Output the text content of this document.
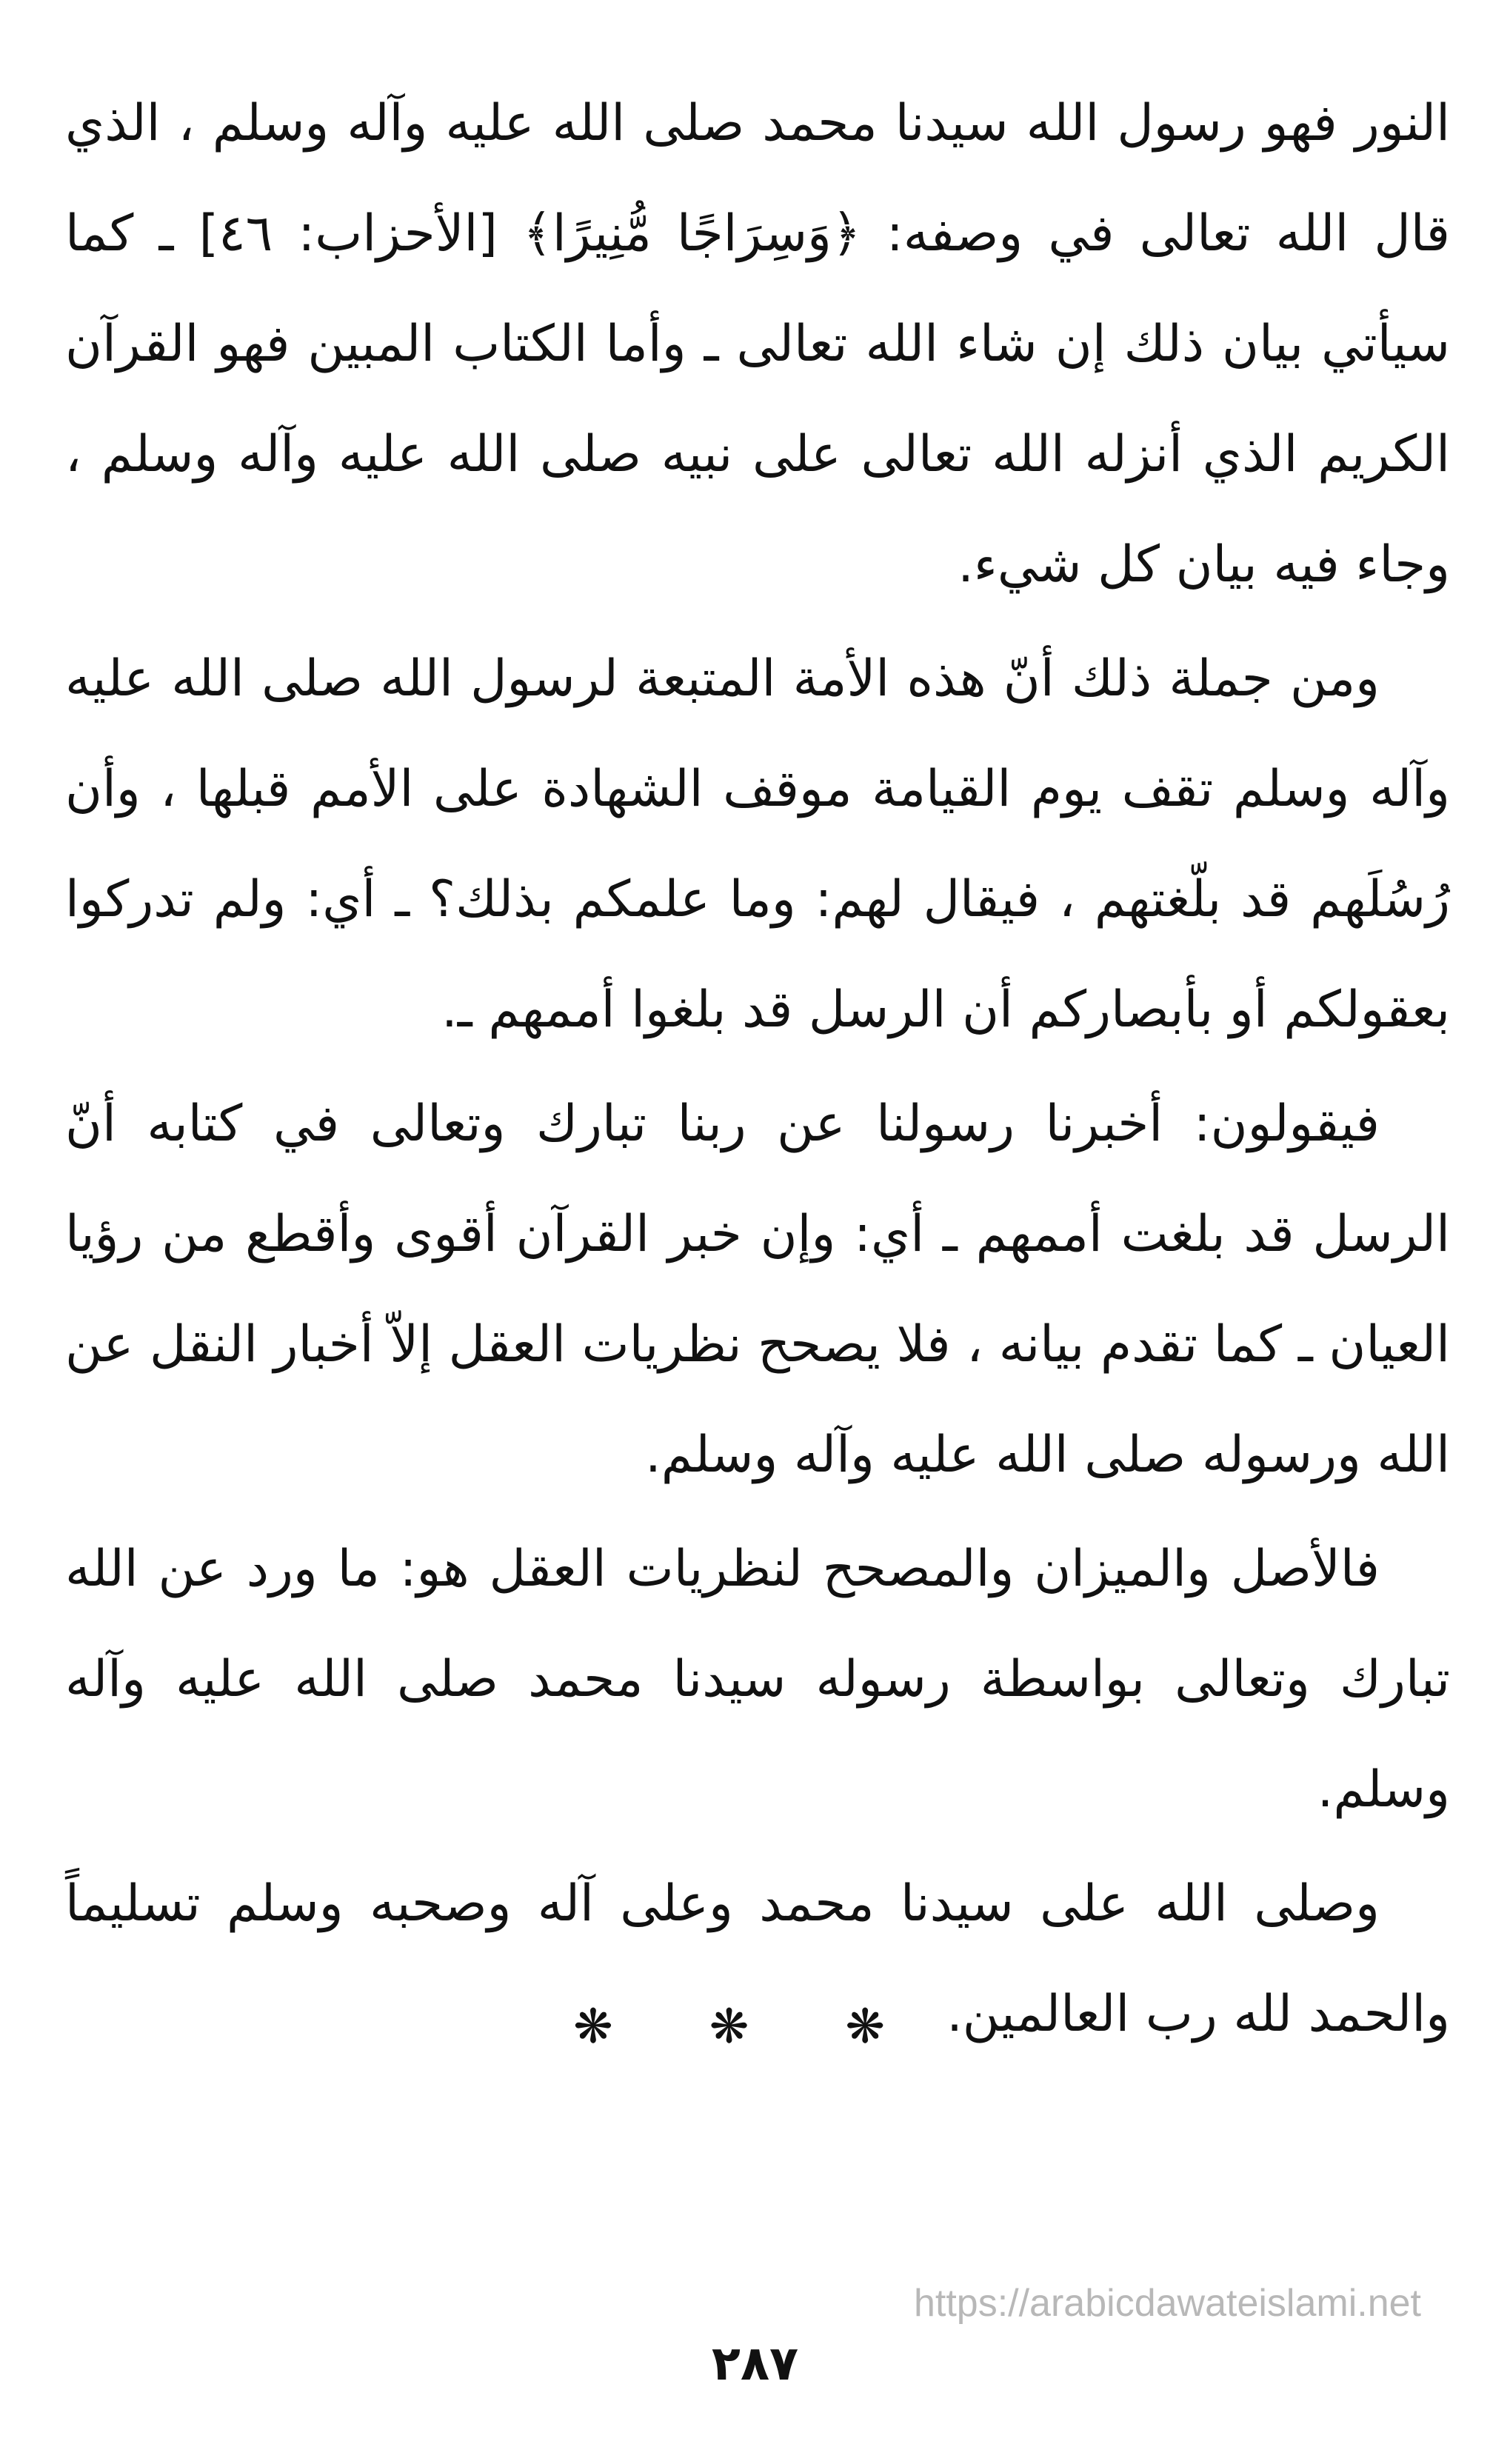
النور فهو رسول الله سيدنا محمد صلى الله عليه وآله وسلم ، الذي قال الله تعالى في وصفه: ﴿وَسِرَاجًا مُّنِيرًا﴾ [الأحزاب: ٤٦] ـ كما سيأتي بيان ذلك إن شاء الله تعالى ـ وأما الكتاب المبين فهو القرآن الكريم الذي أنزله الله تعالى على نبيه صلى الله عليه وآله وسلم ، وجاء فيه بيان كل شيء.

ومن جملة ذلك أنّ هذه الأمة المتبعة لرسول الله صلى الله عليه وآله وسلم تقف يوم القيامة موقف الشهادة على الأمم قبلها ، وأن رُسُلَهم قد بلّغتهم ، فيقال لهم: وما علمكم بذلك؟ ـ أي: ولم تدركوا بعقولكم أو بأبصاركم أن الرسل قد بلغوا أممهم ـ.

فيقولون: أخبرنا رسولنا عن ربنا تبارك وتعالى في كتابه أنّ الرسل قد بلغت أممهم ـ أي: وإن خبر القرآن أقوى وأقطع من رؤيا العيان ـ كما تقدم بيانه ، فلا يصحح نظريات العقل إلاّ أخبار النقل عن الله ورسوله صلى الله عليه وآله وسلم.

فالأصل والميزان والمصحح لنظريات العقل هو: ما ورد عن الله تبارك وتعالى بواسطة رسوله سيدنا محمد صلى الله عليه وآله وسلم.

وصلى الله على سيدنا محمد وعلى آله وصحبه وسلم تسليماً والحمد لله رب العالمين.

❋ ❋ ❋
https://arabicdawateislami.net
٢٨٧
